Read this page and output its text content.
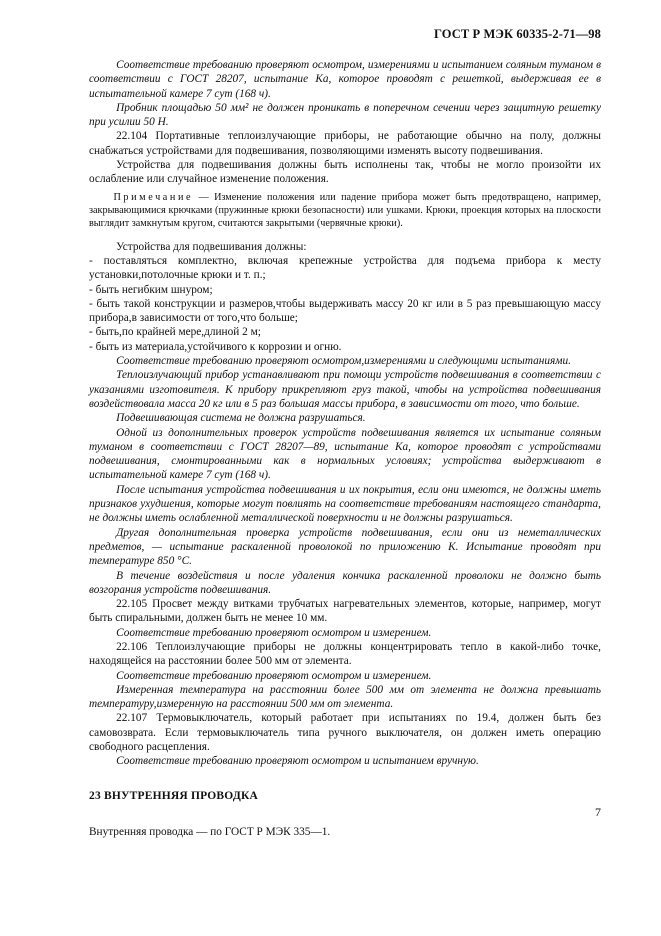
ГОСТ Р МЭК 60335-2-71—98

Соответствие требованию проверяют осмотром, измерениями и испытанием соляным туманом в соответствии с ГОСТ 28207, испытание Ка, которое проводят с решеткой, выдерживая ее в испытательной камере 7 сут (168 ч).

Пробник площадью 50 мм² не должен проникать в поперечном сечении через защитную решетку при усилии 50 Н.

22.104 Портативные теплоизлучающие приборы, не работающие обычно на полу, должны снабжаться устройствами для подвешивания, позволяющими изменять высоту подвешивания.

Устройства для подвешивания должны быть исполнены так, чтобы не могло произойти их ослабление или случайное изменение положения.

Примечание — Изменение положения или падение прибора может быть предотвращено, например, закрывающимися крючками (пружинные крюки безопасности) или ушками. Крюки, проекция которых на плоскости выглядит замкнутым кругом, считаются закрытыми (червячные крюки).

Устройства для подвешивания должны:

- поставляться комплектно, включая крепежные устройства для подъема прибора к месту установки,потолочные крюки и т. п.;

- быть негибким шнуром;

- быть такой конструкции и размеров,чтобы выдерживать массу 20 кг или в 5 раз превышающую массу прибора,в зависимости от того,что больше;

- быть,по крайней мере,длиной 2 м;

- быть из материала,устойчивого к коррозии и огню.

Соответствие требованию проверяют осмотром,измерениями и следующими испытаниями.

Теплоизлучающий прибор устанавливают при помощи устройств подвешивания в соответствии с указаниями изготовителя. К прибору прикрепляют груз такой, чтобы на устройства подвешивания воздействовала масса 20 кг или в 5 раз большая массы прибора, в зависимости от того, что больше.

Подвешивающая система не должна разрушаться.

Одной из дополнительных проверок устройств подвешивания является их испытание соляным туманом в соответствии с ГОСТ 28207—89, испытание Ка, которое проводят с устройствами подвешивания, смонтированными как в нормальных условиях; устройства выдерживают в испытательной камере 7 сут (168 ч).

После испытания устройства подвешивания и их покрытия, если они имеются, не должны иметь признаков ухудшения, которые могут повлиять на соответствие требованиям настоящего стандарта, не должны иметь ослабленной металлической поверхности и не должны разрушаться.

Другая дополнительная проверка устройств подвешивания, если они из неметаллических предметов, — испытание раскаленной проволокой по приложению К. Испытание проводят при температуре 850 °С.

В течение воздействия и после удаления кончика раскаленной проволоки не должно быть возгорания устройств подвешивания.

22.105 Просвет между витками трубчатых нагревательных элементов, которые, например, могут быть спиральными, должен быть не менее 10 мм.

Соответствие требованию проверяют осмотром и измерением.

22.106 Теплоизлучающие приборы не должны концентрировать тепло в какой-либо точке, находящейся на расстоянии более 500 мм от элемента.

Соответствие требованию проверяют осмотром и измерением.

Измеренная температура на расстоянии более 500 мм от элемента не должна превышать температуру,измеренную на расстоянии 500 мм от элемента.

22.107 Термовыключатель, который работает при испытаниях по 19.4, должен быть без самовозврата. Если термовыключатель типа ручного выключателя, он должен иметь операцию свободного расцепления.

Соответствие требованию проверяют осмотром и испытанием вручную.

23 ВНУТРЕННЯЯ ПРОВОДКА

Внутренняя проводка — по ГОСТ Р МЭК 335—1.

7
